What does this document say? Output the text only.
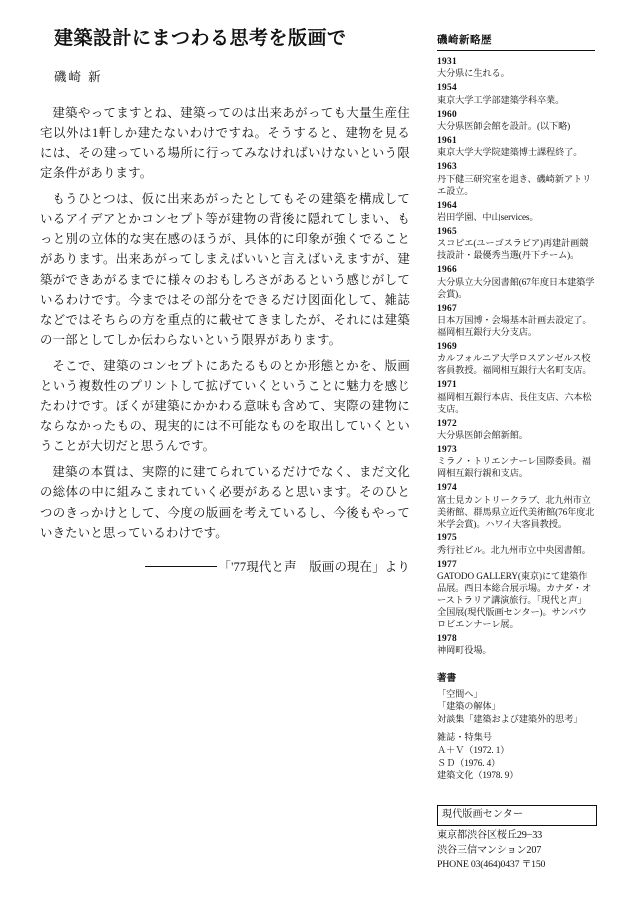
建築設計にまつわる思考を版画で
磯崎 新

建築やってますとね、建築ってのは出来あがっても大量生産住宅以外は1軒しか建たないわけですね。そうすると、建物を見るには、その建っている場所に行ってみなければいけないという限定条件があります。

もうひとつは、仮に出来あがったとしてもその建築を構成しているアイデアとかコンセプト等が建物の背後に隠れてしまい、もっと別の立体的な実在感のほうが、具体的に印象が強くでることがあります。出来あがってしまえばいいと言えばいえますが、建築ができあがるまでに様々のおもしろさがあるという感じがしているわけです。今まではその部分をできるだけ図面化して、雑誌などではそちらの方を重点的に載せてきましたが、それには建築の一部としてしか伝わらないという限界があります。

そこで、建築のコンセプトにあたるものとか形態とかを、版画という複数性のプリントして拡げていくということに魅力を感じたわけです。ぼくが建築にかかわる意味も含めて、実際の建物にならなかったもの、現実的には不可能なものを取出していくということが大切だと思うんです。

建築の本質は、実際的に建てられているだけでなく、まだ文化の総体の中に組みこまれていく必要があると思います。そのひとつのきっかけとして、今度の版画を考えているし、今後もやっていきたいと思っているわけです。

「'77現代と声　版画の現在」より
磯崎新略歴
1931
大分県に生れる。
1954
東京大学工学部建築学科卒業。
1960
大分県医師会館を設計。(以下略)
1961
東京大学大学院建築博士課程終了。
1963
丹下健三研究室を退き、磯崎新アトリエ設立。
1964
岩田学園、中山services。
1965
スコピエ(ユーゴスラビア)再建計画競技設計・最優秀当選(丹下チーム)。
1966
大分県立大分図書館(67年度日本建築学会賞)。
1967
日本万国博・会場基本計画去設定了。福岡相互銀行大分支店。
1969
カルフォルニア大学ロスアンゼルス校客員教授。福岡相互銀行大名町支店。
1971
福岡相互銀行本店、長住支店、六本松支店。
1972
大分県医師会館新館。
1973
ミラノ・トリエンナーレ国際委員。福岡相互銀行親和支店。
1974
富士見カントリークラブ、北九州市立美術館、群馬県立近代美術館(76年度北米学会賞)。ハワイ大客員教授。
1975
秀行社ビル。北九州市立中央図書館。
1977
GATODO GALLERY(東京)にて建築作品展。西日本総合展示場。カナダ・オーストラリア講演旅行。「現代と声」全国展(現代版画センター)。サンパウロビエンナーレ展。
1978
神岡町役場。
著書
「空間へ」
「建築の解体」
対談集「建築および建築外的思考」
雑誌・特集号
Ａ＋Ｖ（1972. 1）
ＳＤ（1976. 4）
建築文化（1978. 9）
現代版画センター
東京都渋谷区桜丘29−33
渋谷三信マンション207
PHONE 03(464)0437 〒150
